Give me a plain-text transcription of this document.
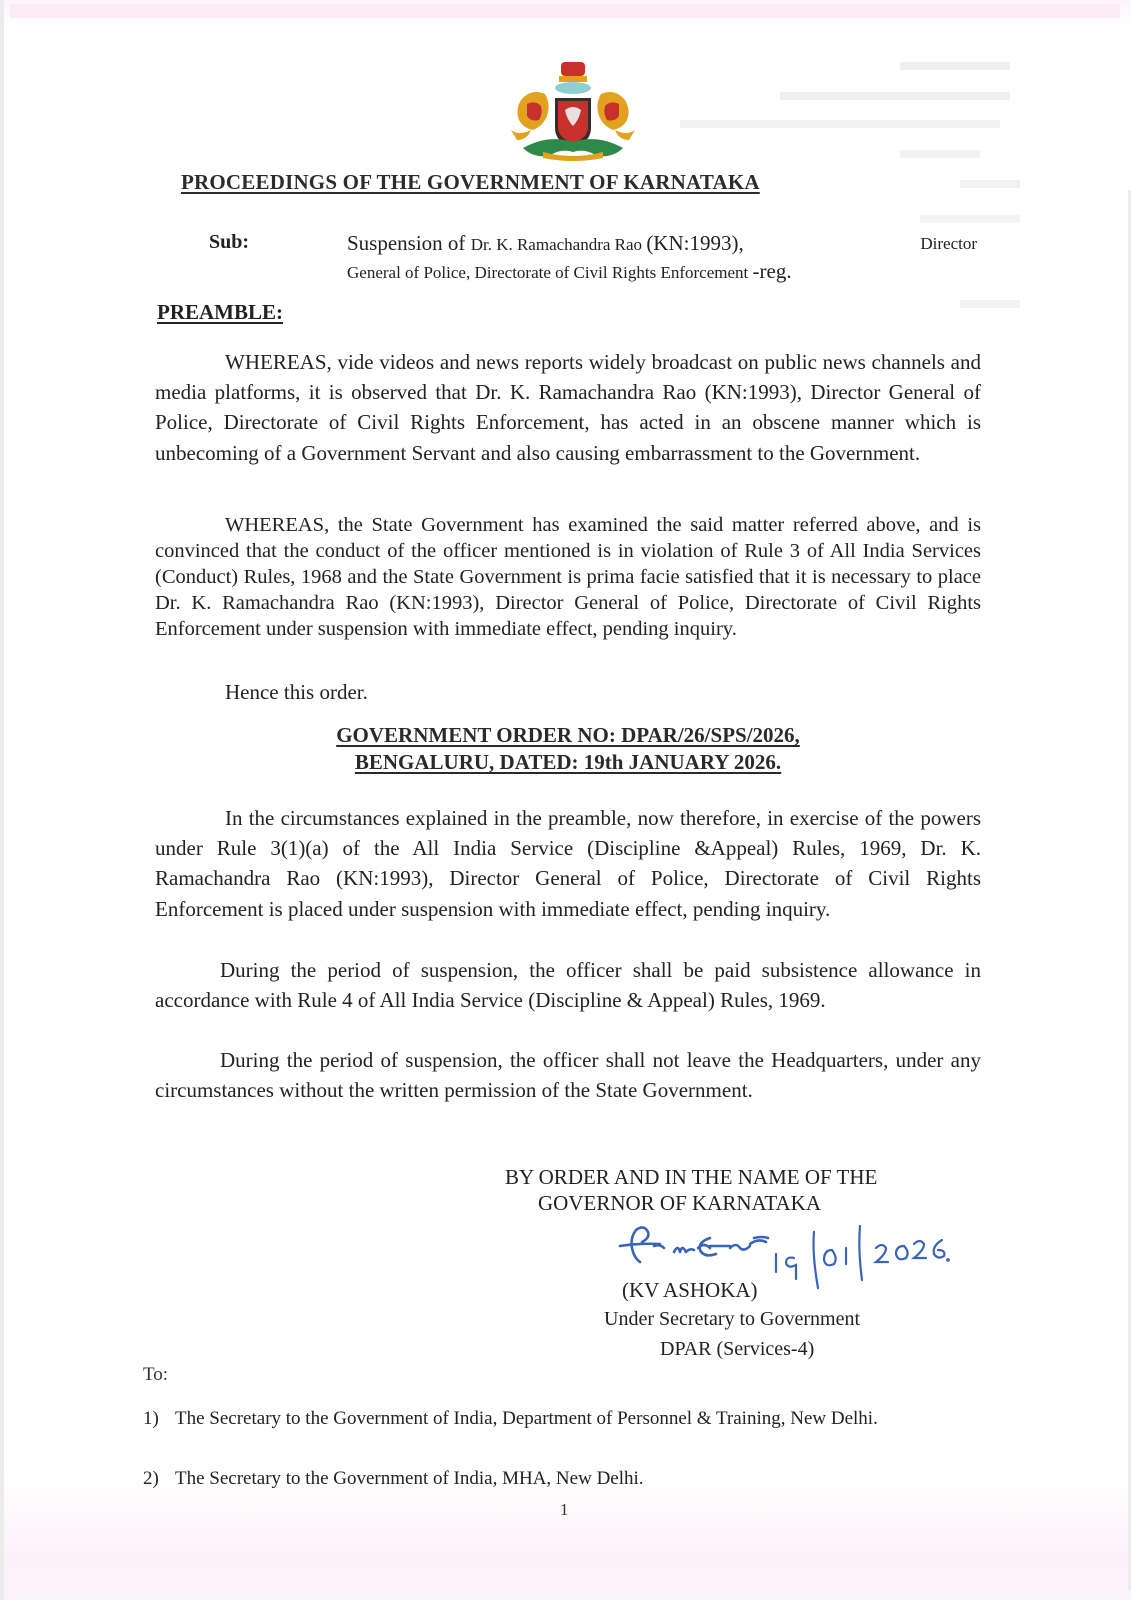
PROCEEDINGS OF THE GOVERNMENT OF KARNATAKA
Sub:	Suspension of Dr. K. Ramachandra Rao (KN:1993),	Director
General of Police, Directorate of Civil Rights Enforcement -reg.
PREAMBLE:
WHEREAS, vide videos and news reports widely broadcast on public news channels and media platforms, it is observed that Dr. K. Ramachandra Rao (KN:1993), Director General of Police, Directorate of Civil Rights Enforcement, has acted in an obscene manner which is unbecoming of a Government Servant and also causing embarrassment to the Government.
WHEREAS, the State Government has examined the said matter referred above, and is convinced that the conduct of the officer mentioned is in violation of Rule 3 of All India Services (Conduct) Rules, 1968 and the State Government is prima facie satisfied that it is necessary to place Dr. K. Ramachandra Rao (KN:1993), Director General of Police, Directorate of Civil Rights Enforcement under suspension with immediate effect, pending inquiry.
Hence this order.
GOVERNMENT ORDER NO: DPAR/26/SPS/2026,
BENGALURU, DATED: 19th JANUARY 2026.
In the circumstances explained in the preamble, now therefore, in exercise of the powers under Rule 3(1)(a) of the All India Service (Discipline &Appeal) Rules, 1969, Dr. K. Ramachandra Rao (KN:1993), Director General of Police, Directorate of Civil Rights Enforcement is placed under suspension with immediate effect, pending inquiry.
During the period of suspension, the officer shall be paid subsistence allowance in accordance with Rule 4 of All India Service (Discipline & Appeal) Rules, 1969.
During the period of suspension, the officer shall not leave the Headquarters, under any circumstances without the written permission of the State Government.
BY ORDER AND IN THE NAME OF THE
GOVERNOR OF KARNATAKA
(KV ASHOKA)
Under Secretary to Government
DPAR (Services-4)
To:
1) The Secretary to the Government of India, Department of Personnel & Training, New Delhi.
2) The Secretary to the Government of India, MHA, New Delhi.
1
